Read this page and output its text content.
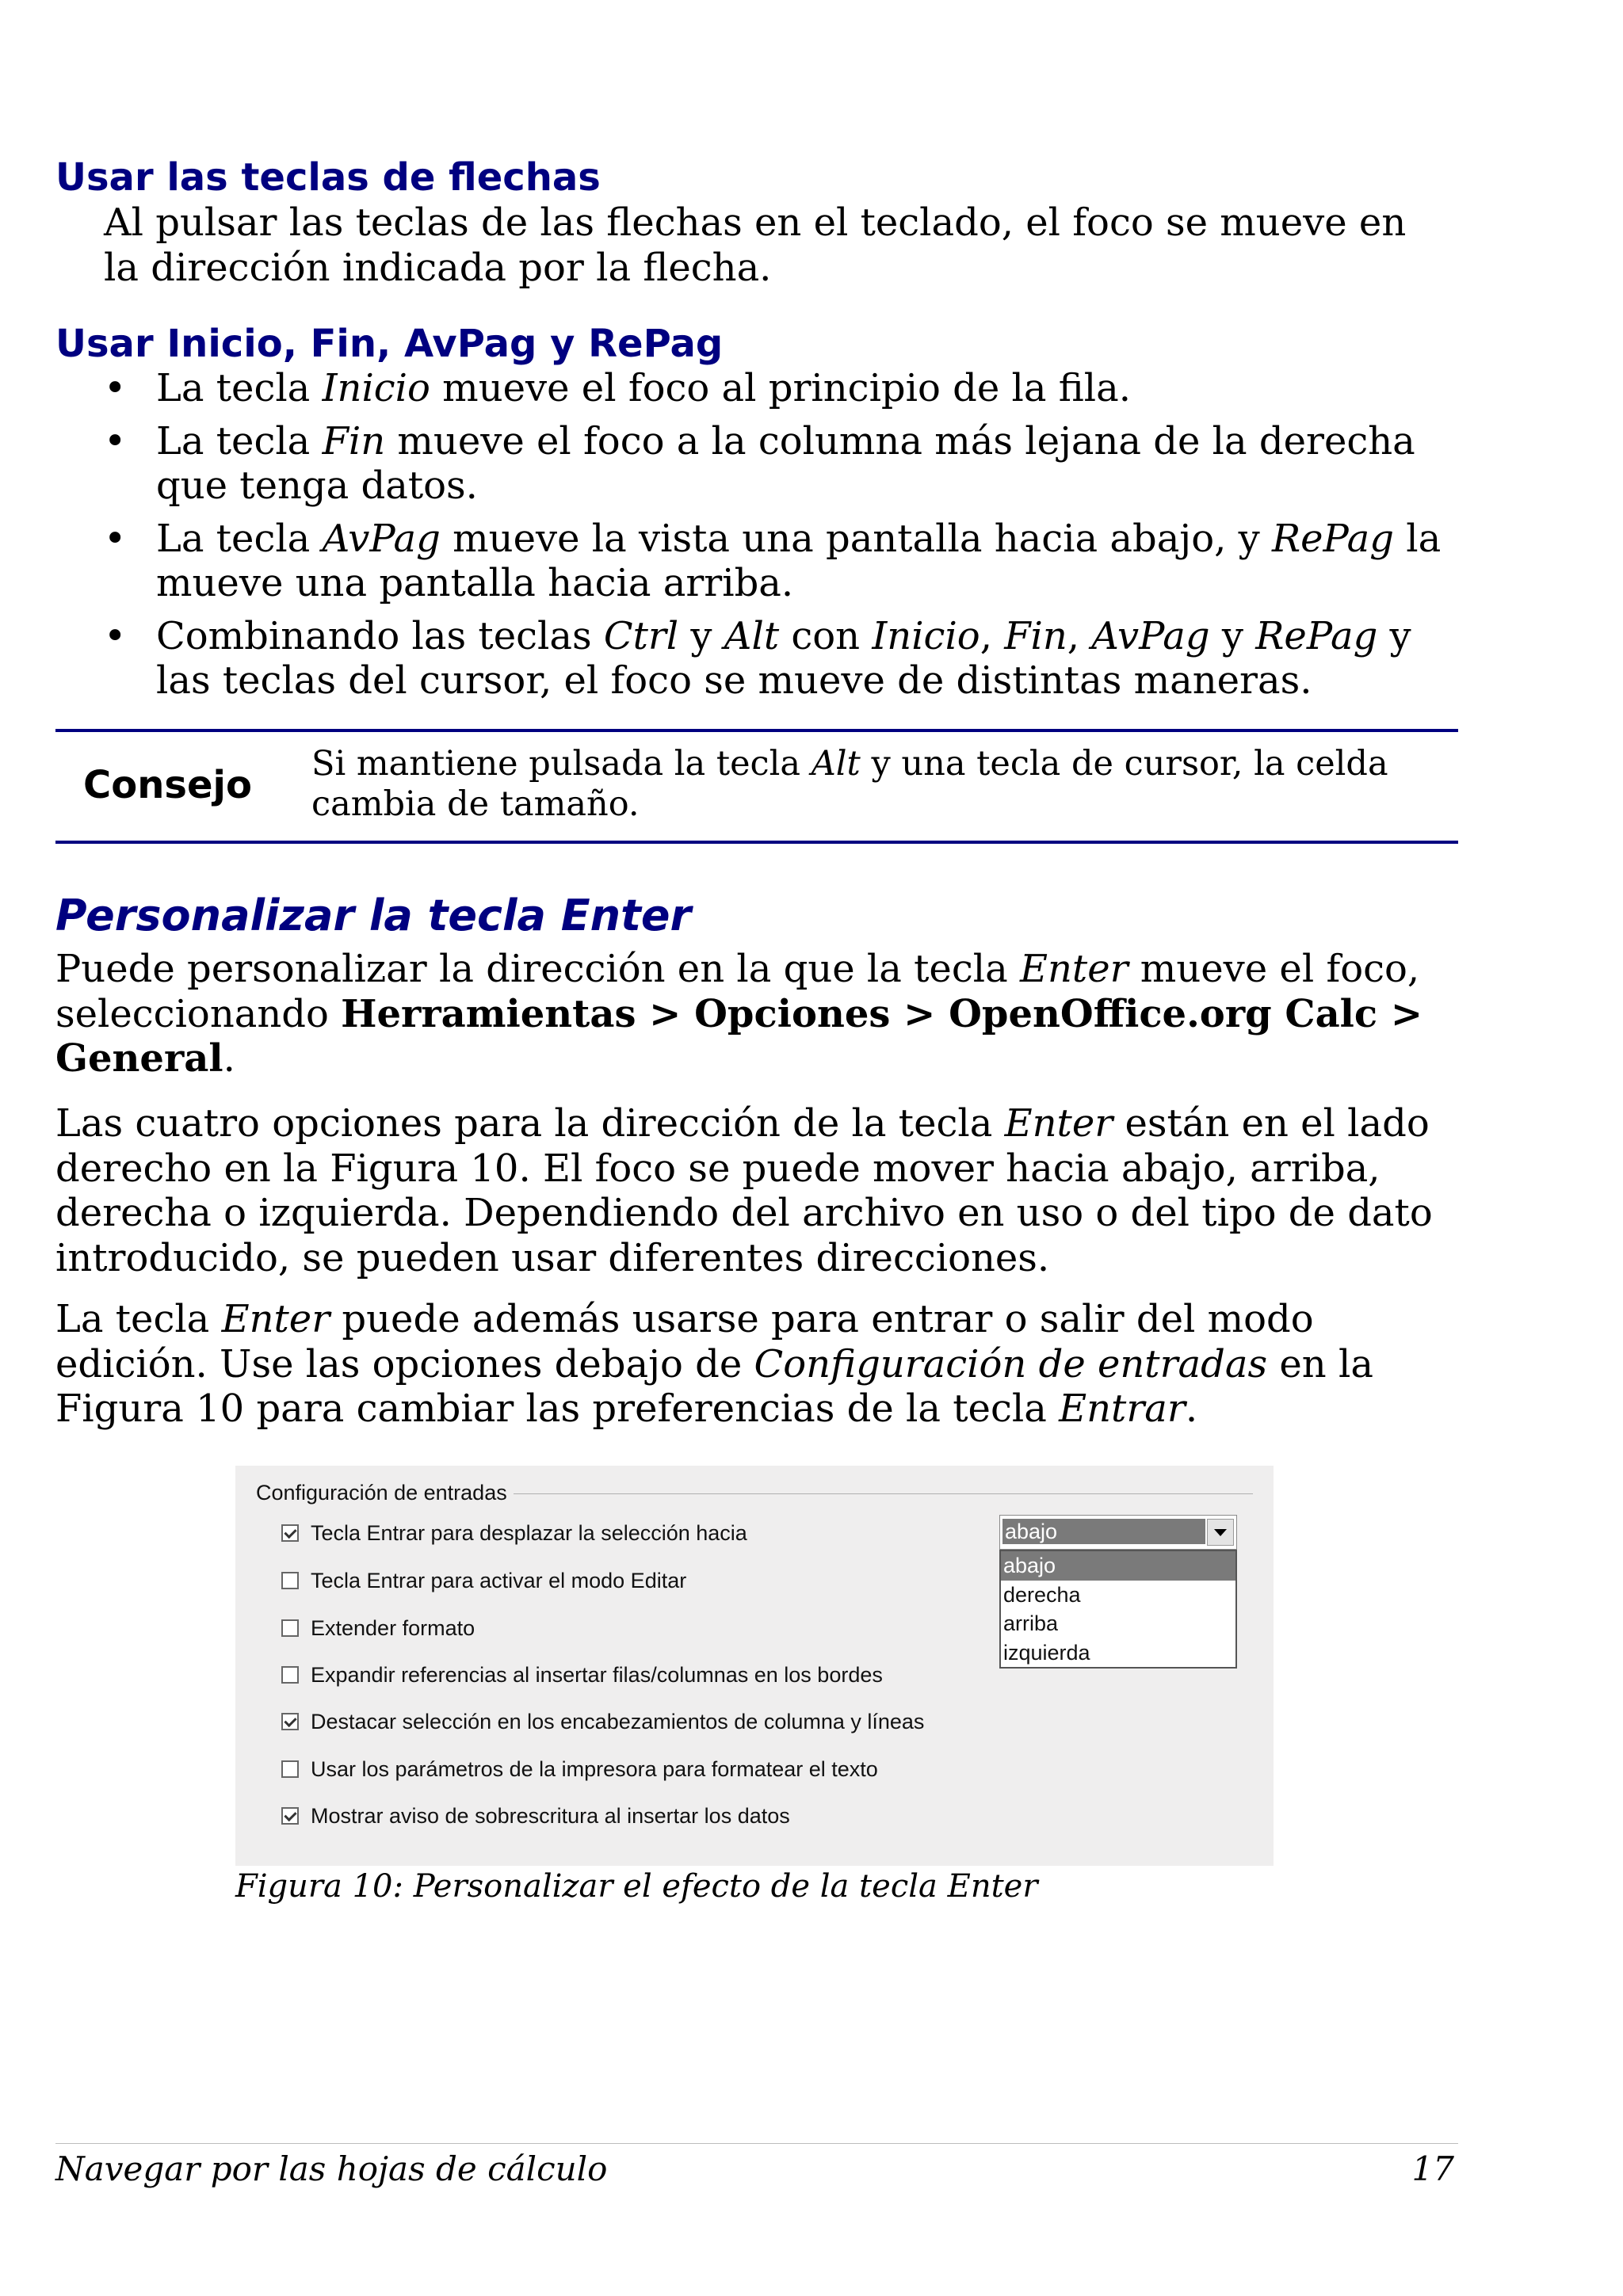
Usar las teclas de flechas
Al pulsar las teclas de las flechas en el teclado, el foco se mueve en
la dirección indicada por la flecha.
Usar Inicio, Fin, AvPag y RePag
• La tecla Inicio mueve el foco al principio de la fila.
• La tecla Fin mueve el foco a la columna más lejana de la derecha que tenga datos.
• La tecla AvPag mueve la vista una pantalla hacia abajo, y RePag la mueve una pantalla hacia arriba.
• Combinando las teclas Ctrl y Alt con Inicio, Fin, AvPag y RePag y las teclas del cursor, el foco se mueve de distintas maneras.
Consejo Si mantiene pulsada la tecla Alt y una tecla de cursor, la celda cambia de tamaño.

Personalizar la tecla Enter

Puede personalizar la dirección en la que la tecla Enter mueve el foco, seleccionando Herramientas > Opciones > OpenOffice.org Calc > General.

Las cuatro opciones para la dirección de la tecla Enter están en el lado derecho en la Figura 10. El foco se puede mover hacia abajo, arriba, derecha o izquierda. Dependiendo del archivo en uso o del tipo de dato introducido, se pueden usar diferentes direcciones.

La tecla Enter puede además usarse para entrar o salir del modo edición. Use las opciones debajo de Configuración de entradas en la Figura 10 para cambiar las preferencias de la tecla Entrar.

Configuración de entradas
Tecla Entrar para desplazar la selección hacia
Tecla Entrar para activar el modo Editar
Extender formato
Expandir referencias al insertar filas/columnas en los bordes
Destacar selección en los encabezamientos de columna y líneas
Usar los parámetros de la impresora para formatear el texto
Mostrar aviso de sobrescritura al insertar los datos
abajo
abajo
derecha
arriba
izquierda

Figura 10: Personalizar el efecto de la tecla Enter

Navegar por las hojas de cálculo	17
